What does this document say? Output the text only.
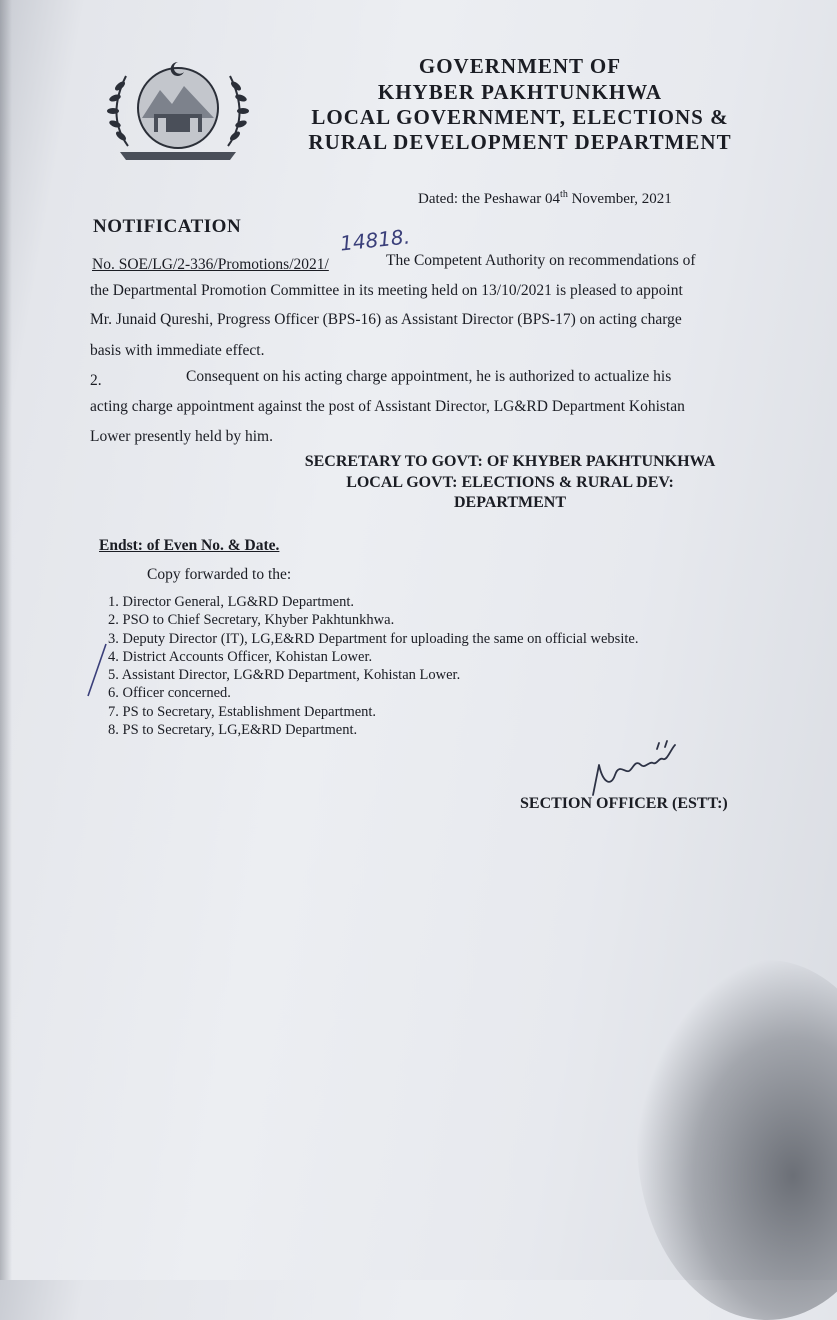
GOVERNMENT OF
KHYBER PAKHTUNKHWA
LOCAL GOVERNMENT, ELECTIONS &
RURAL DEVELOPMENT DEPARTMENT
Dated: the Peshawar 04th November, 2021
NOTIFICATION
No. SOE/LG/2-336/Promotions/2021/
14818.
The Competent Authority on recommendations of
the Departmental Promotion Committee in its meeting held on 13/10/2021 is pleased to appoint
Mr. Junaid Qureshi, Progress Officer (BPS-16) as Assistant Director (BPS-17) on acting charge
basis with immediate effect.
2.	Consequent on his acting charge appointment, he is authorized to actualize his
acting charge appointment against the post of Assistant Director, LG&RD Department Kohistan
Lower presently held by him.
SECRETARY TO GOVT: OF KHYBER PAKHTUNKHWA
LOCAL GOVT: ELECTIONS & RURAL DEV:
DEPARTMENT
Endst: of Even No. & Date.
Copy forwarded to the:
1. Director General, LG&RD Department.
2. PSO to Chief Secretary, Khyber Pakhtunkhwa.
3. Deputy Director (IT), LG,E&RD Department for uploading the same on official website.
4. District Accounts Officer, Kohistan Lower.
5. Assistant Director, LG&RD Department, Kohistan Lower.
6. Officer concerned.
7. PS to Secretary, Establishment Department.
8. PS to Secretary, LG,E&RD Department.
SECTION OFFICER (ESTT:)
